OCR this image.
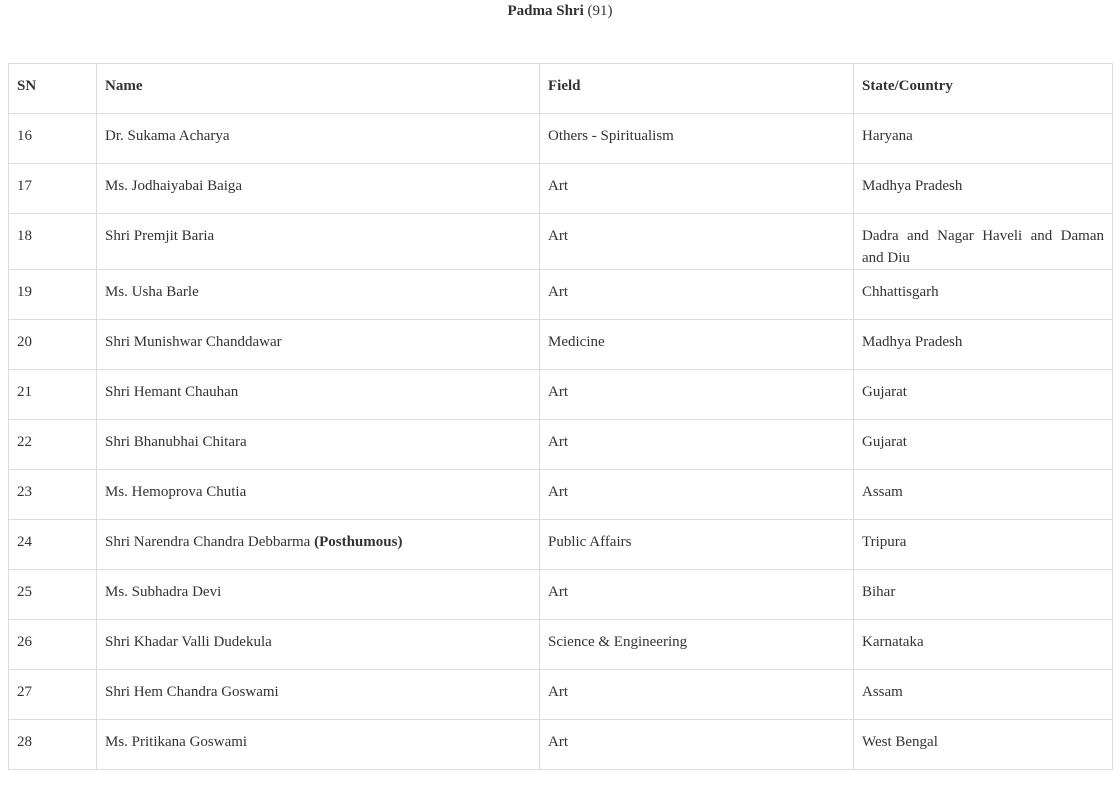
Padma Shri (91)
SN	Name	Field	State/Country
16	Dr. Sukama Acharya	Others - Spiritualism	Haryana
17	Ms. Jodhaiyabai Baiga	Art	Madhya Pradesh
18	Shri Premjit Baria	Art	Dadra and Nagar Haveli and Daman and Diu
19	Ms. Usha Barle	Art	Chhattisgarh
20	Shri Munishwar Chanddawar	Medicine	Madhya Pradesh
21	Shri Hemant Chauhan	Art	Gujarat
22	Shri Bhanubhai Chitara	Art	Gujarat
23	Ms. Hemoprova Chutia	Art	Assam
24	Shri Narendra Chandra Debbarma (Posthumous)	Public Affairs	Tripura
25	Ms. Subhadra Devi	Art	Bihar
26	Shri Khadar Valli Dudekula	Science & Engineering	Karnataka
27	Shri Hem Chandra Goswami	Art	Assam
28	Ms. Pritikana Goswami	Art	West Bengal
